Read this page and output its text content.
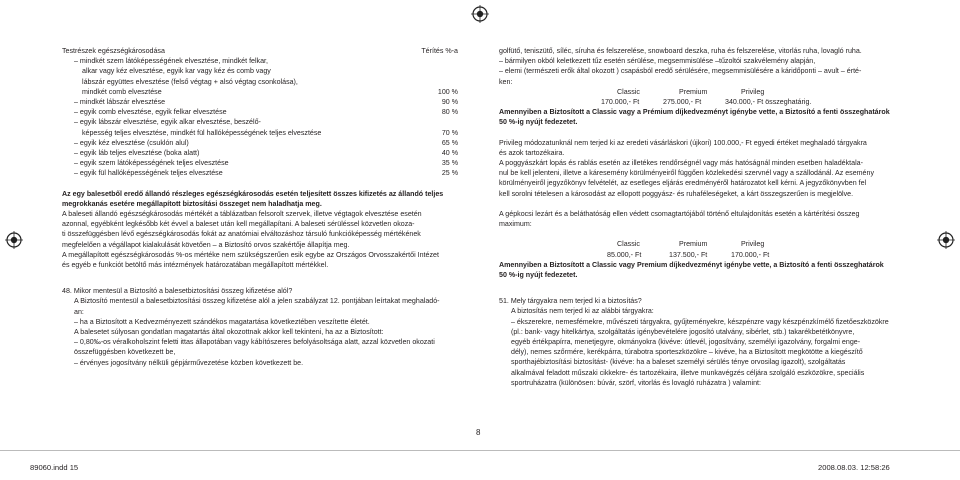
Testrészek egészségkárosodása	Térítés %-a
– mindkét szem látóképességének elvesztése, mindkét felkar,
alkar vagy kéz elvesztése, egyik kar vagy kéz és comb vagy
lábszár együttes elvesztése (felső végtag + alsó végtag csonkolása),
mindkét comb elvesztése	100 %
– mindkét lábszár elvesztése	90 %
– egyik comb elvesztése, egyik felkar elvesztése	80 %
– egyik lábszár elvesztése, egyik alkar elvesztése, beszélő-
képesség teljes elvesztése, mindkét fül hallóképességének teljes elvesztése	70 %
– egyik kéz elvesztése (csuklón alul)	65 %
– egyik láb teljes elvesztése (boka alatt)	40 %
– egyik szem látóképességének teljes elvesztése	35 %
– egyik fül hallóképességének teljes elvesztése	25 %
Az egy balesetből eredő állandó részleges egészségkárosodás esetén teljesített összes kifizetés az állandó teljes
megrokkanás esetére megállapított biztosítási összeget nem haladhatja meg.
A baleseti állandó egészségkárosodás mértékét a táblázatban felsorolt szervek, illetve végtagok elvesztése esetén
azonnal, egyébként legkésőbb két évvel a baleset után kell megállapítani. A baleseti sérüléssel közvetlen okoza-
ti összefüggésben lévő egészségkárosodás fokát az anatómiai elváltozáshoz társuló funkcióképesség mértékének
megfelelően a végállapot kialakulását követően – a Biztosító orvos szakértője állapítja meg.
A megállapított egészségkárosodás %-os mértéke nem szükségszerűen esik egybe az Országos Orvosszakértői Intézet
és egyéb e funkciót betöltő más intézmények határozatában megállapított mértékkel.
48. Mikor mentesül a Biztosító a balesetbiztosítási összeg kifizetése alól?
A Biztosító mentesül a balesetbiztosítási összeg kifizetése alól a jelen szabályzat 12. pontjában leírtakat meghaladó-
an:
– ha a Biztosított a Kedvezményezett szándékos magatartása következtében veszítette életét.
A balesetet súlyosan gondatlan magatartás által okozottnak akkor kell tekinteni, ha az a Biztosított:
– 0,80‰-os véralkoholszint feletti ittas állapotában vagy kábítószeres befolyásoltsága alatt, azzal közvetlen okozati
összefüggésben következett be,
– érvényes jogosítvány nélküli gépjárművezetése közben következett be.
golfütő, teniszütő, síléc, síruha és felszerelése, snowboard deszka, ruha és felszerelése, vitorlás ruha, lovagló ruha.
– bármilyen okból keletkezett tűz esetén sérülése, megsemmisülése –tűzoltói szakvélemény alapján,
– elemi (természeti erők által okozott ) csapásból eredő sérülésére, megsemmisülésére a káridőponti – avult – érté-
ken:
Classic	Premium	Privileg
170.000,- Ft	275.000,- Ft	340.000,- Ft összeghatárig.
Amennyiben a Biztosított a Classic vagy a Prémium díjkedvezményt igénybe vette, a Biztosító a fenti összeghatárok
50 %-ig nyújt fedezetet.
Privileg módozatunknál nem terjed ki az eredeti vásárláskori (újkori) 100.000,- Ft egyedi értéket meghaladó tárgyakra
és azok tartozékaira.
A poggyászkárt lopás és rablás esetén az illetékes rendőrségnél vagy más hatóságnál minden esetben haladéktala-
nul be kell jelenteni, illetve a káresemény körülményeiről függően közlekedési szervnél vagy a szállodánál. Az esemény
körülményeiről jegyzőkönyv felvételét, az esetleges eljárás eredményéről határozatot kell kérni. A jegyzőkönyvben fel
kell sorolni tételesen a károsodást az ellopott poggyász- és ruhaféleségeket, a kárt összegszerűen is megjelölve.

A gépkocsi lezárt és a beláthatóság ellen védett csomagtartójából történő eltulajdonítás esetén a kártérítési összeg
maximum:
Classic	Premium	Privileg
85.000,- Ft	137.500,- Ft	170.000,- Ft
Amennyiben a Biztosított a Classic vagy Premium díjkedvezményt igénybe vette, a Biztosító a fenti összeghatárok
50 %-ig nyújt fedezetet.
51. Mely tárgyakra nem terjed ki a biztosítás?
A biztosítás nem terjed ki az alábbi tárgyakra:
– ékszerekre, nemesfémekre, művészeti tárgyakra, gyűjteményekre, készpénzre vagy készpénzkímélő fizetőeszközökre
(pl.: bank- vagy hitelkártya, szolgáltatás igénybevételére jogosító utalvány, sibérlet, stb.) takarékbetétkönyvre,
egyéb értékpapírra, menetjegyre, okmányokra (kivéve: útlevél, jogosítvány, személyi igazolvány, forgalmi enge-
dély), nemes szőrmére, kerékpárra, túrabotra sporteszközökre – kivéve, ha a Biztosított megkötötte a kiegészítő
sporthajébiztosítási biztosítást- (kivéve: ha a baleset személyi sérülés ténye orvosilag igazolt), szolgáltatás
alkalmával feladott műszaki cikkekre- és tartozékaira, illetve munkavégzés céljára szolgáló eszközökre, speciális
sportruházatra (különösen: búvár, szörf, vitorlás és lovagló ruházatra ) valamint:
8
89060.indd 15	2008.08.03. 12:58:26
